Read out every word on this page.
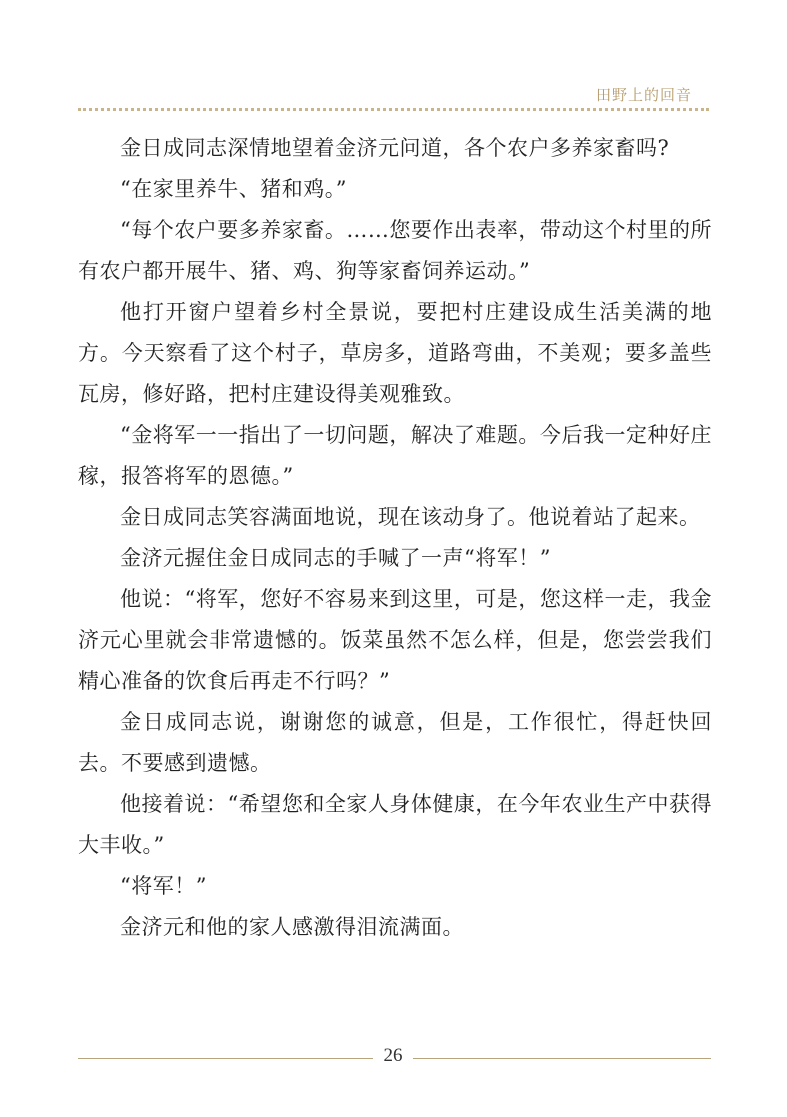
田野上的回音

金日成同志深情地望着金济元问道，各个农户多养家畜吗?

“在家里养牛、猪和鸡。”

“每个农户要多养家畜。……您要作出表率，带动这个村里的所有农户都开展牛、猪、鸡、狗等家畜饲养运动。”

他打开窗户望着乡村全景说，要把村庄建设成生活美满的地方。今天察看了这个村子，草房多，道路弯曲，不美观；要多盖些瓦房，修好路，把村庄建设得美观雅致。

“金将军一一指出了一切问题，解决了难题。今后我一定种好庄稼，报答将军的恩德。”

金日成同志笑容满面地说，现在该动身了。他说着站了起来。

金济元握住金日成同志的手喊了一声“将军！”

他说：“将军，您好不容易来到这里，可是，您这样一走，我金济元心里就会非常遗憾的。饭菜虽然不怎么样，但是，您尝尝我们精心准备的饮食后再走不行吗？”

金日成同志说，谢谢您的诚意，但是，工作很忙，得赶快回去。不要感到遗憾。

他接着说：“希望您和全家人身体健康，在今年农业生产中获得大丰收。”

“将军！”

金济元和他的家人感激得泪流满面。

26
